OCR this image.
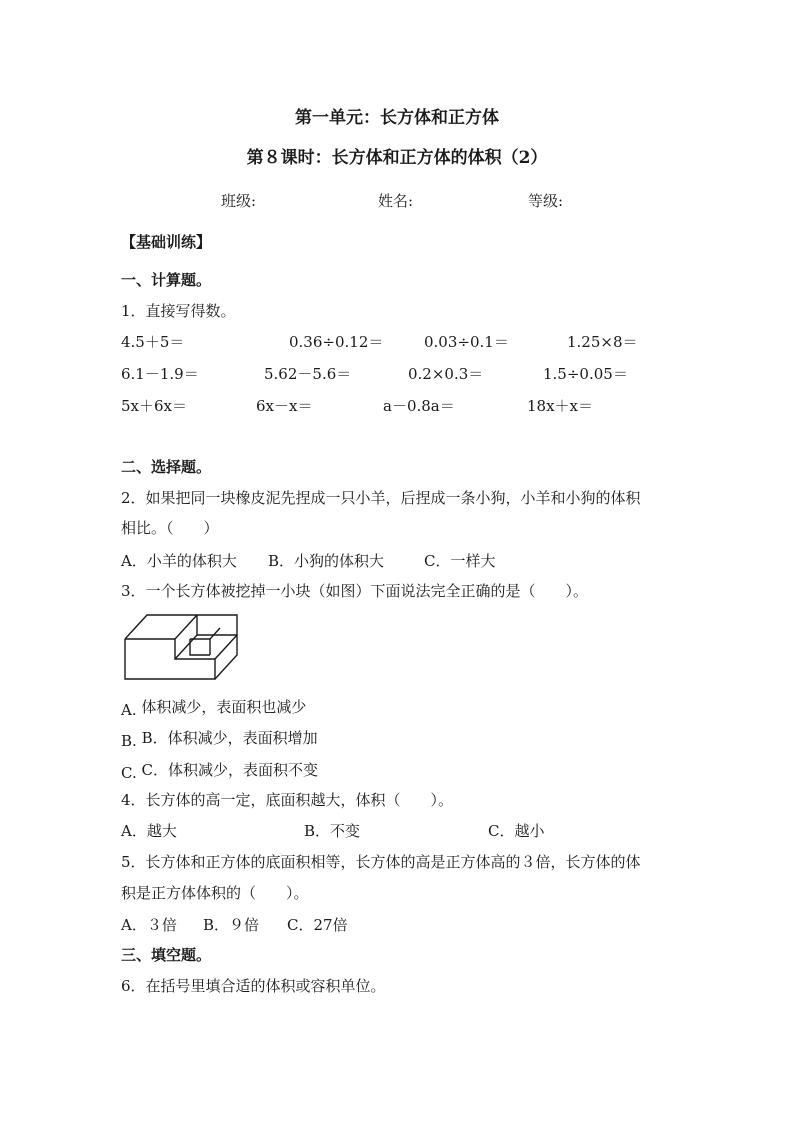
第一单元：长方体和正方体
第８课时：长方体和正方体的体积（2）
班级:	姓名:	等级:
【基础训练】
一、计算题。
1．直接写得数。
4.5＋5＝	0.36÷0.12＝	0.03÷0.1＝	1.25×8＝
6.1－1.9＝	5.62－5.6＝	0.2×0.3＝	1.5÷0.05＝
5x＋6x＝	6x－x＝	a－0.8a＝	18x＋x＝
二、选择题。
2．如果把同一块橡皮泥先捏成一只小羊，后捏成一条小狗，小羊和小狗的体积
相比。（　　）
A．小羊的体积大 B．小狗的体积大	C．一样大
3．一个长方体被挖掉一小块（如图）下面说法完全正确的是（　　）。
A. 体积减少，表面积也减少
B. B．体积减少，表面积增加
C. C．体积减少，表面积不变
4．长方体的高一定，底面积越大，体积（　　）。
A．越大	B．不变	C．越小
5．长方体和正方体的底面积相等，长方体的高是正方体高的３倍，长方体的体
积是正方体体积的（　　）。
A．３倍 B．９倍 C．27倍
三、填空题。
6．在括号里填合适的体积或容积单位。
